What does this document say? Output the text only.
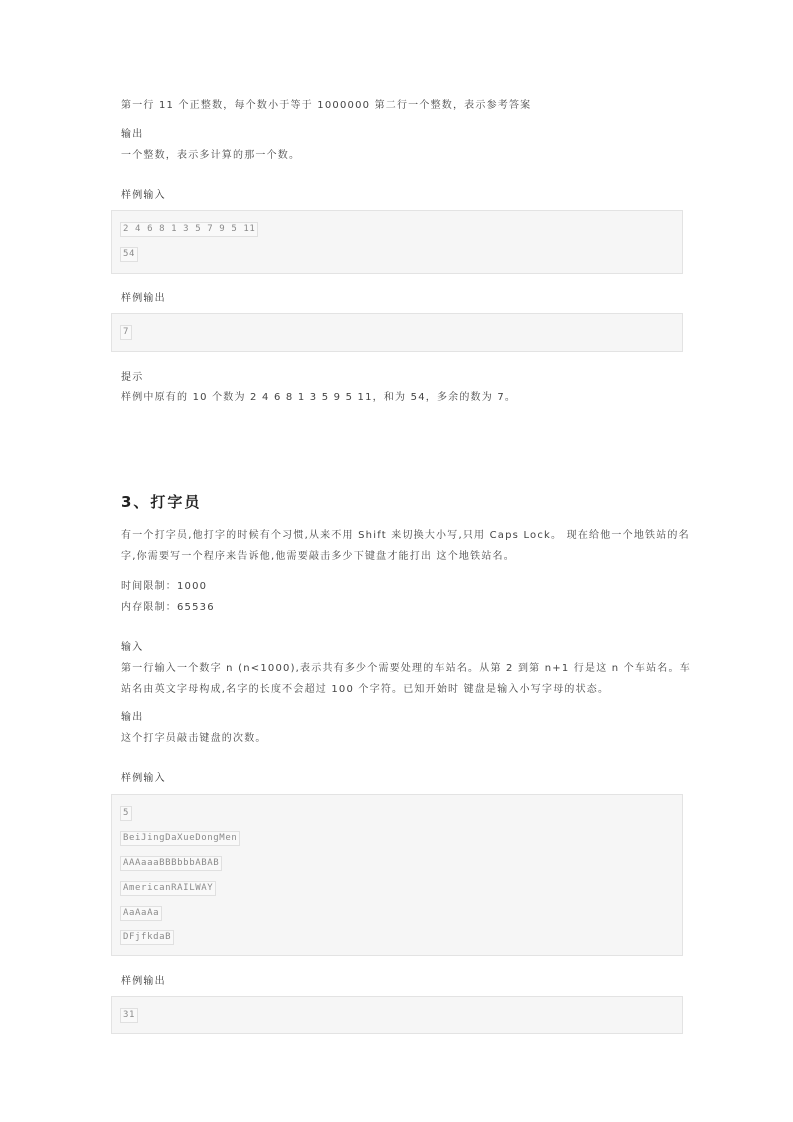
第一行 11 个正整数，每个数小于等于 1000000 第二行一个整数，表示参考答案
输出
一个整数，表示多计算的那一个数。
样例输入
2 4 6 8 1 3 5 7 9 5 11
54
样例输出
7
提示
样例中原有的 10 个数为 2 4 6 8 1 3 5 9 5 11，和为 54，多余的数为 7。
3、打字员
有一个打字员,他打字的时候有个习惯,从来不用 Shift 来切换大小写,只用 Caps Lock。 现在给他一个地铁站的名
字,你需要写一个程序来告诉他,他需要敲击多少下键盘才能打出 这个地铁站名。
时间限制：1000
内存限制：65536
输入
第一行输入一个数字 n (n<1000),表示共有多少个需要处理的车站名。从第 2 到第 n+1 行是这 n 个车站名。车
站名由英文字母构成,名字的长度不会超过 100 个字符。已知开始时 键盘是输入小写字母的状态。
输出
这个打字员敲击键盘的次数。
样例输入
5
BeiJingDaXueDongMen
AAAaaaBBBbbbABAB
AmericanRAILWAY
AaAaAa
DFjfkdaB
样例输出
31
